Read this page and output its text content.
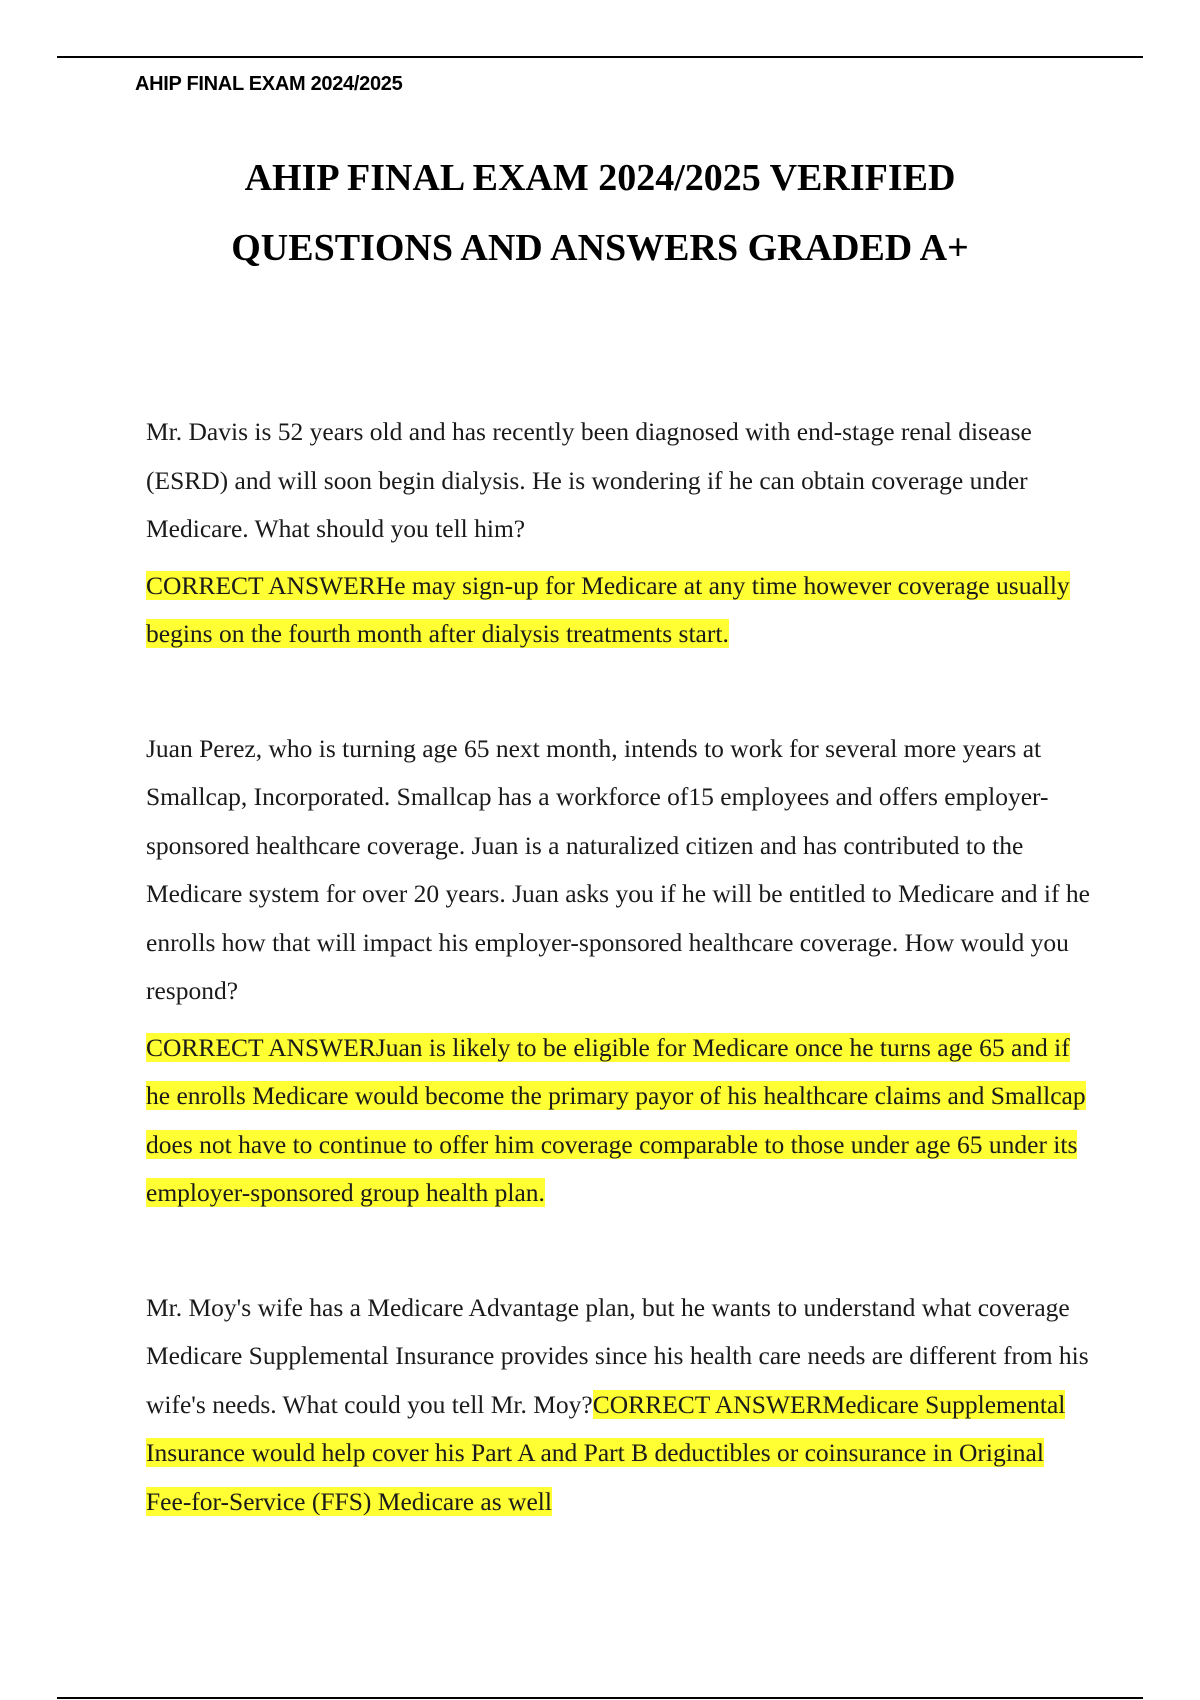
AHIP FINAL EXAM 2024/2025
AHIP FINAL EXAM 2024/2025 VERIFIED
QUESTIONS AND ANSWERS GRADED A+

Mr. Davis is 52 years old and has recently been diagnosed with end-stage renal disease (ESRD) and will soon begin dialysis. He is wondering if he can obtain coverage under Medicare. What should you tell him?

CORRECT ANSWERHe may sign-up for Medicare at any time however coverage usually begins on the fourth month after dialysis treatments start.

Juan Perez, who is turning age 65 next month, intends to work for several more years at Smallcap, Incorporated. Smallcap has a workforce of15 employees and offers employer-sponsored healthcare coverage. Juan is a naturalized citizen and has contributed to the Medicare system for over 20 years. Juan asks you if he will be entitled to Medicare and if he enrolls how that will impact his employer-sponsored healthcare coverage. How would you respond?

CORRECT ANSWERJuan is likely to be eligible for Medicare once he turns age 65 and if he enrolls Medicare would become the primary payor of his healthcare claims and Smallcap does not have to continue to offer him coverage comparable to those under age 65 under its employer-sponsored group health plan.

Mr. Moy's wife has a Medicare Advantage plan, but he wants to understand what coverage Medicare Supplemental Insurance provides since his health care needs are different from his wife's needs. What could you tell Mr. Moy?CORRECT ANSWERMedicare Supplemental Insurance would help cover his Part A and Part B deductibles or coinsurance in Original Fee-for-Service (FFS) Medicare as well
